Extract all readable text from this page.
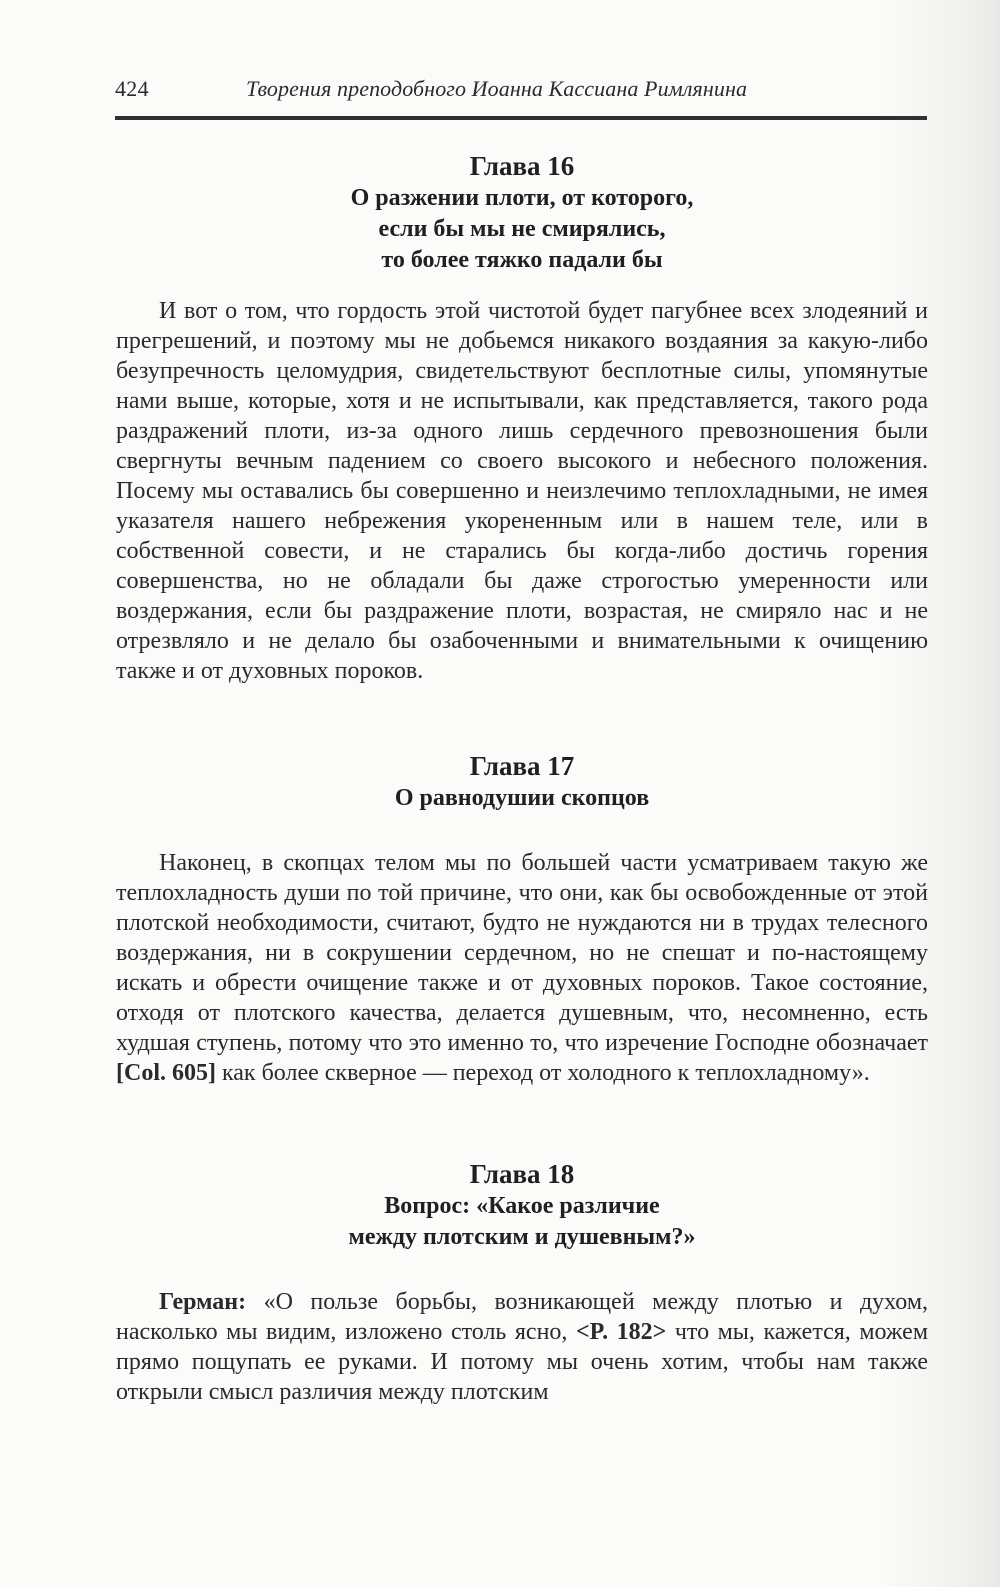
424	Творения преподобного Иоанна Кассиана Римлянина
Глава 16
О разжении плоти, от которого,
если бы мы не смирялись,
то более тяжко падали бы

И вот о том, что гордость этой чистотой будет пагубнее всех злодеяний и прегрешений, и поэтому мы не добьемся никакого воздаяния за какую-либо безупречность целомудрия, свидетельствуют бесплотные силы, упомянутые нами выше, которые, хотя и не испытывали, как представляется, такого рода раздражений плоти, из-за одного лишь сердечного превозношения были свергнуты вечным падением со своего высокого и небесного положения. Посему мы оставались бы совершенно и неизлечимо теплохладными, не имея указателя нашего небрежения укорененным или в нашем теле, или в собственной совести, и не старались бы когда-либо достичь горения совершенства, но не обладали бы даже строгостью умеренности или воздержания, если бы раздражение плоти, возрастая, не смиряло нас и не отрезвляло и не делало бы озабоченными и внимательными к очищению также и от духовных пороков.

Глава 17
О равнодушии скопцов

Наконец, в скопцах телом мы по большей части усматриваем такую же теплохладность души по той причине, что они, как бы освобожденные от этой плотской необходимости, считают, будто не нуждаются ни в трудах телесного воздержания, ни в сокрушении сердечном, но не спешат и по-настоящему искать и обрести очищение также и от духовных пороков. Такое состояние, отходя от плотского качества, делается душевным, что, несомненно, есть худшая ступень, потому что это именно то, что изречение Господне обозначает [Col. 605] как более скверное — переход от холодного к теплохладному».

Глава 18
Вопрос: «Какое различие
между плотским и душевным?»

Герман: «О пользе борьбы, возникающей между плотью и духом, насколько мы видим, изложено столь ясно, <P. 182> что мы, кажется, можем прямо пощупать ее руками. И потому мы очень хотим, чтобы нам также открыли смысл различия между плотским
